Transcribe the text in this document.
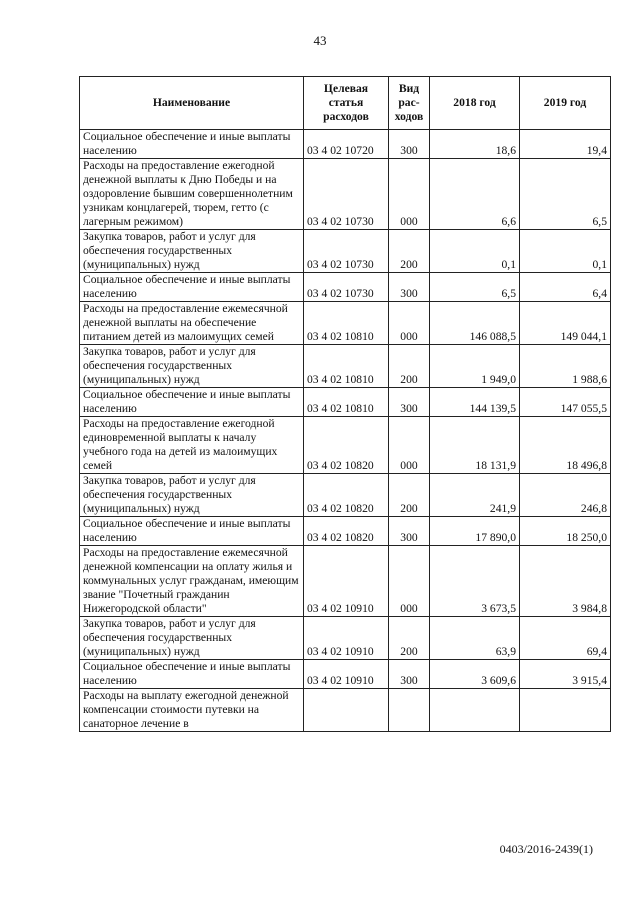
43
Наименование	Целевая статья расходов	Вид рас-ходов	2018 год	2019 год
Социальное обеспечение и иные выплаты населению	03 4 02 10720	300	18,6	19,4
Расходы на предоставление ежегодной денежной выплаты к Дню Победы и на оздоровление бывшим совершеннолетним узникам концлагерей, тюрем, гетто (с лагерным режимом)	03 4 02 10730	000	6,6	6,5
Закупка товаров, работ и услуг для обеспечения государственных (муниципальных) нужд	03 4 02 10730	200	0,1	0,1
Социальное обеспечение и иные выплаты населению	03 4 02 10730	300	6,5	6,4
Расходы на предоставление ежемесячной денежной выплаты на обеспечение питанием детей из малоимущих семей	03 4 02 10810	000	146 088,5	149 044,1
Закупка товаров, работ и услуг для обеспечения государственных (муниципальных) нужд	03 4 02 10810	200	1 949,0	1 988,6
Социальное обеспечение и иные выплаты населению	03 4 02 10810	300	144 139,5	147 055,5
Расходы на предоставление ежегодной единовременной выплаты к началу учебного года на детей из малоимущих семей	03 4 02 10820	000	18 131,9	18 496,8
Закупка товаров, работ и услуг для обеспечения государственных (муниципальных) нужд	03 4 02 10820	200	241,9	246,8
Социальное обеспечение и иные выплаты населению	03 4 02 10820	300	17 890,0	18 250,0
Расходы на предоставление ежемесячной денежной компенсации на оплату жилья и коммунальных услуг гражданам, имеющим звание "Почетный гражданин Нижегородской области"	03 4 02 10910	000	3 673,5	3 984,8
Закупка товаров, работ и услуг для обеспечения государственных (муниципальных) нужд	03 4 02 10910	200	63,9	69,4
Социальное обеспечение и иные выплаты населению	03 4 02 10910	300	3 609,6	3 915,4
Расходы на выплату ежегодной денежной компенсации стоимости путевки на санаторное лечение в				
0403/2016-2439(1)
